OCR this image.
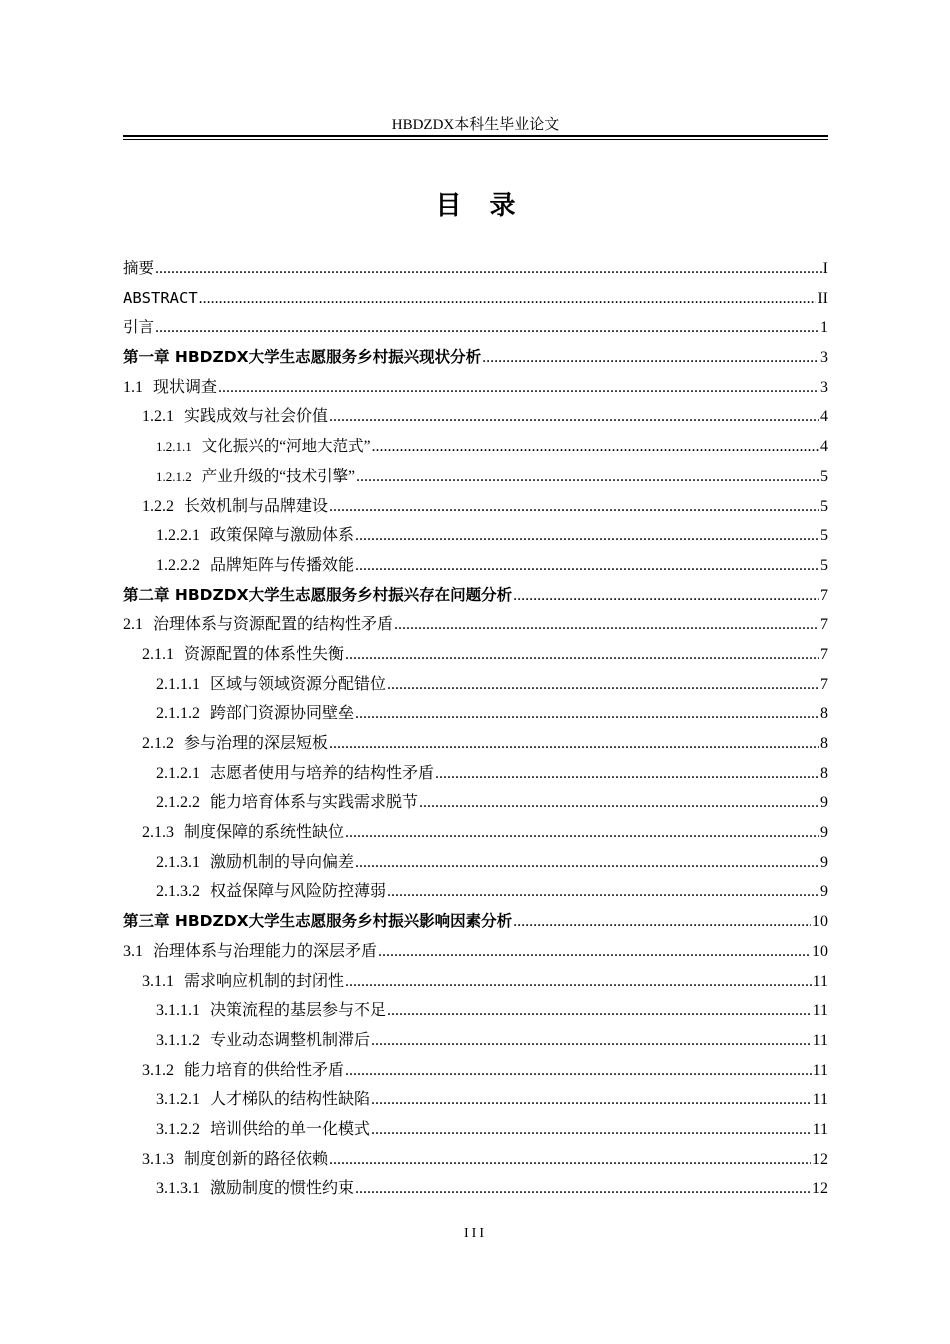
HBDZDX本科生毕业论文
目录
摘要 .....	I
ABSTRACT .....	II
引言 .....	1
第一章 HBDZDX大学生志愿服务乡村振兴现状分析 .....	3
1.1 现状调查 .....	3
1.2.1 实践成效与社会价值 .....	4
1.2.1.1 文化振兴的“河地大范式” .....	4
1.2.1.2 产业升级的“技术引擎” .....	5
1.2.2 长效机制与品牌建设 .....	5
1.2.2.1 政策保障与激励体系 .....	5
1.2.2.2 品牌矩阵与传播效能 .....	5
第二章 HBDZDX大学生志愿服务乡村振兴存在问题分析 .....	7
2.1 治理体系与资源配置的结构性矛盾 .....	7
2.1.1 资源配置的体系性失衡 .....	7
2.1.1.1 区域与领域资源分配错位 .....	7
2.1.1.2 跨部门资源协同壁垒 .....	8
2.1.2 参与治理的深层短板 .....	8
2.1.2.1 志愿者使用与培养的结构性矛盾 .....	8
2.1.2.2 能力培育体系与实践需求脱节 .....	9
2.1.3 制度保障的系统性缺位 .....	9
2.1.3.1 激励机制的导向偏差 .....	9
2.1.3.2 权益保障与风险防控薄弱 .....	9
第三章 HBDZDX大学生志愿服务乡村振兴影响因素分析 .....	10
3.1 治理体系与治理能力的深层矛盾 .....	10
3.1.1 需求响应机制的封闭性 .....	11
3.1.1.1 决策流程的基层参与不足 .....	11
3.1.1.2 专业动态调整机制滞后 .....	11
3.1.2 能力培育的供给性矛盾 .....	11
3.1.2.1 人才梯队的结构性缺陷 .....	11
3.1.2.2 培训供给的单一化模式 .....	11
3.1.3 制度创新的路径依赖 .....	12
3.1.3.1 激励制度的惯性约束 .....	12
III
